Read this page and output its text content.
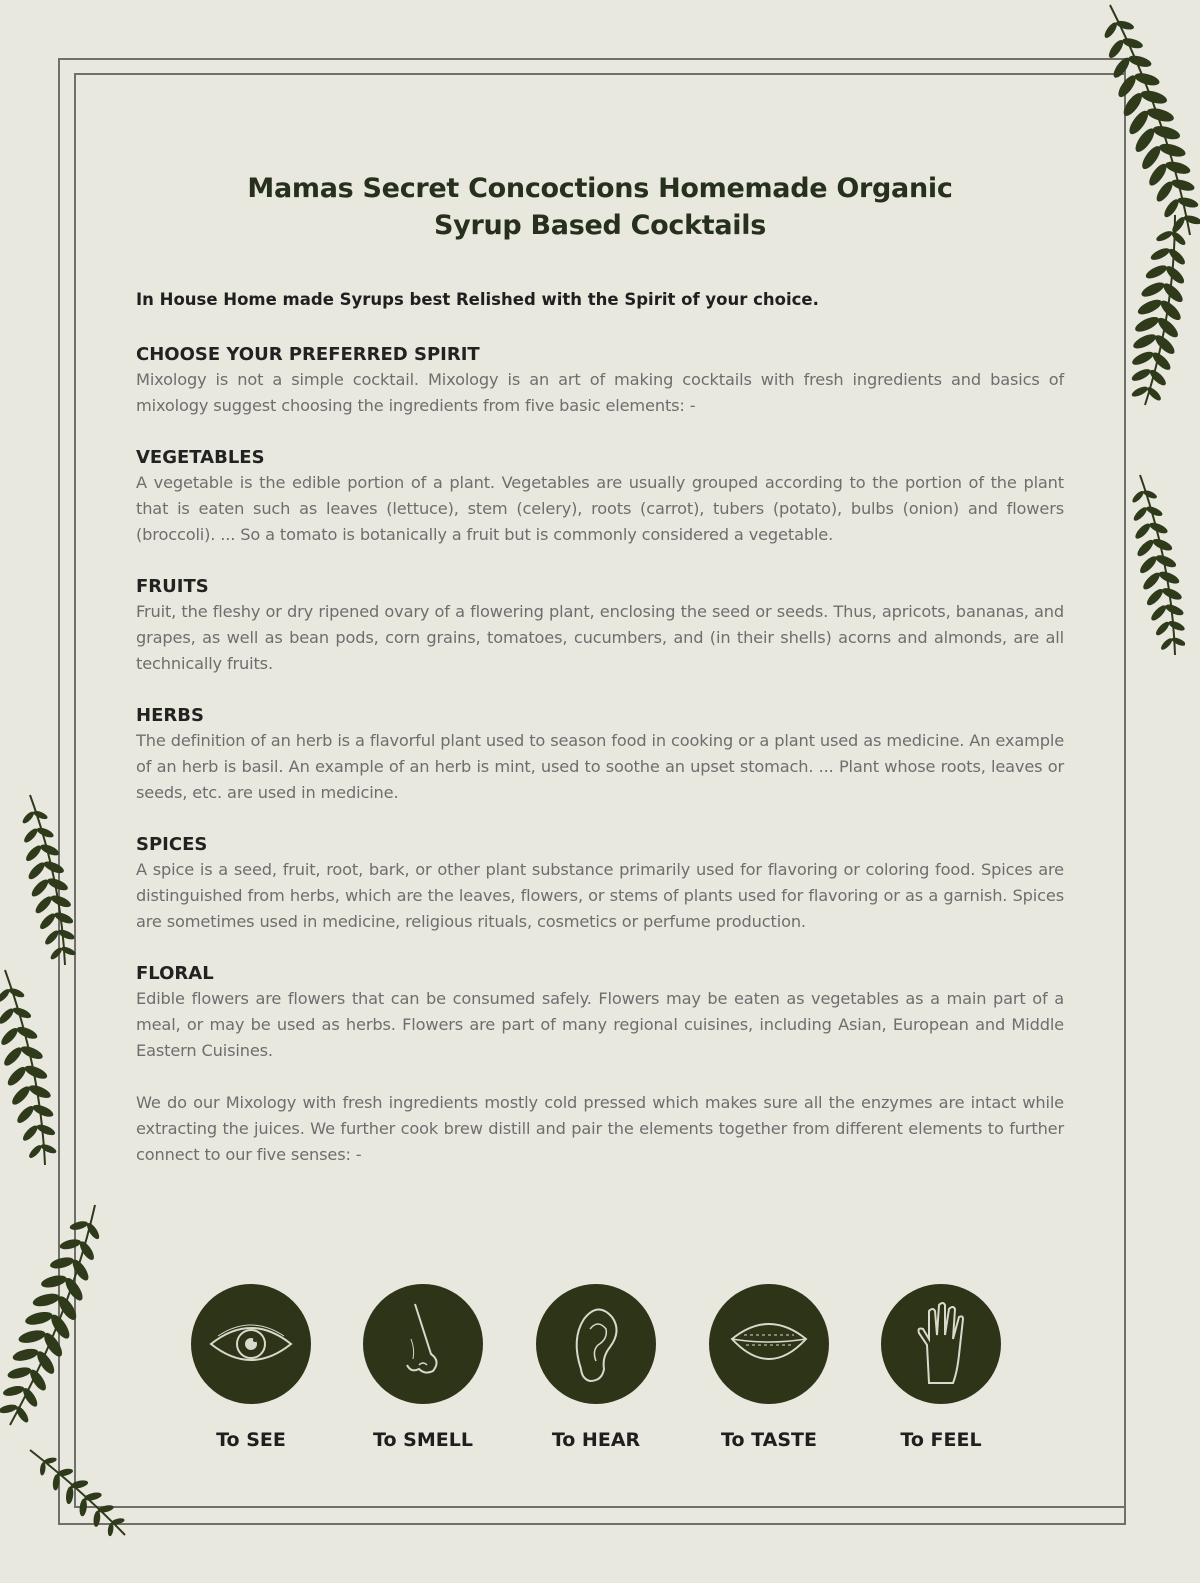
Mamas Secret Concoctions Homemade Organic
Syrup Based Cocktails

In House Home made Syrups best Relished with the Spirit of your choice.

CHOOSE YOUR PREFERRED SPIRIT

Mixology is not a simple cocktail. Mixology is an art of making cocktails with fresh ingredients and basics of mixology suggest choosing the ingredients from five basic elements: -

VEGETABLES

A vegetable is the edible portion of a plant. Vegetables are usually grouped according to the portion of the plant that is eaten such as leaves (lettuce), stem (celery), roots (carrot), tubers (potato), bulbs (onion) and flowers (broccoli). ... So a tomato is botanically a fruit but is commonly considered a vegetable.

FRUITS

Fruit, the fleshy or dry ripened ovary of a flowering plant, enclosing the seed or seeds. Thus, apricots, bananas, and grapes, as well as bean pods, corn grains, tomatoes, cucumbers, and (in their shells) acorns and almonds, are all technically fruits.

HERBS

The definition of an herb is a flavorful plant used to season food in cooking or a plant used as medicine. An example of an herb is basil. An example of an herb is mint, used to soothe an upset stomach. ... Plant whose roots, leaves or seeds, etc. are used in medicine.

SPICES

A spice is a seed, fruit, root, bark, or other plant substance primarily used for flavoring or coloring food. Spices are distinguished from herbs, which are the leaves, flowers, or stems of plants used for flavoring or as a garnish. Spices are sometimes used in medicine, religious rituals, cosmetics or perfume production.

FLORAL

Edible flowers are flowers that can be consumed safely. Flowers may be eaten as vegetables as a main part of a meal, or may be used as herbs. Flowers are part of many regional cuisines, including Asian, European and Middle Eastern Cuisines.

We do our Mixology with fresh ingredients mostly cold pressed which makes sure all the enzymes are intact while extracting the juices. We further cook brew distill and pair the elements together from different elements to further connect to our five senses: -

To SEE	To SMELL	To HEAR	To TASTE	To FEEL
